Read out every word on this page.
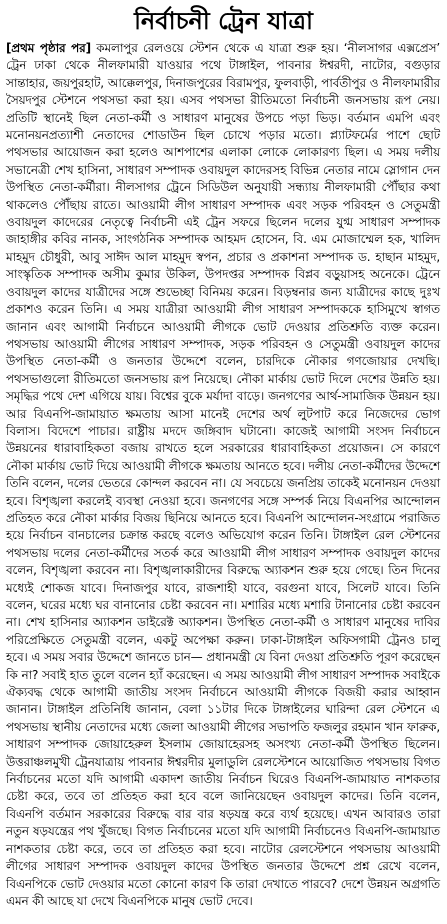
নির্বাচনী ট্রেন যাত্রা

[প্রথম পৃষ্ঠার পর] কমলাপুর রেলওয়ে স্টেশন থেকে এ যাত্রা শুরু হয়। ‘নীলসাগর এক্সপ্রেস’ ট্রেন ঢাকা থেকে নীলফামারী যাওয়ার পথে টাঙ্গাইল, পাবনার ঈশ্বরদী, নাটোর, বগুড়ার সান্তাহার, জয়পুরহাট, আক্কেলপুর, দিনাজপুরের বিরামপুর, ফুলবাড়ী, পার্বতীপুর ও নীলফামারীর সৈয়দপুর স্টেশনে পথসভা করা হয়। এসব পথসভা রীতিমতো নির্বাচনী জনসভায় রূপ নেয়। প্রতিটি স্থানেই ছিল নেতা-কর্মী ও সাধারণ মানুষের উপচে পড়া ভিড়। বর্তমান এমপি এবং মনোনয়নপ্রত্যাশী নেতাদের শোডাউন ছিল চোখে পড়ার মতো। প্ল্যাটফর্মের পাশে ছোট পথসভার আয়োজন করা হলেও আশপাশের এলাকা লোকে লোকারণ্য ছিল। এ সময় দলীয় সভানেত্রী শেখ হাসিনা, সাধারণ সম্পাদক ওবায়দুল কাদেরসহ বিভিন্ন নেতার নামে স্লোগান দেন উপস্থিত নেতা-কর্মীরা। নীলসাগর ট্রেনে সিডিউল অনুযায়ী সন্ধ্যায় নীলফামারী পৌঁছার কথা থাকলেও পৌঁছায় রাতে। আওয়ামী লীগ সাধারণ সম্পাদক এবং সড়ক পরিবহন ও সেতুমন্ত্রী ওবায়দুল কাদেরের নেতৃত্বে নির্বাচনী এই ট্রেন সফরে ছিলেন দলের যুগ্ম সাধারণ সম্পাদক জাহাঙ্গীর কবির নানক, সাংগঠনিক সম্পাদক আহমদ হোসেন, বি. এম মোজাম্মেল হক, খালিদ মাহমুদ চৌধুরী, আবু সাঈদ আল মাহমুদ স্বপন, প্রচার ও প্রকাশনা সম্পাদক ড. হাছান মাহমুদ, সাংস্কৃতিক সম্পাদক অসীম কুমার উকিল, উপদপ্তর সম্পাদক বিপ্লব বড়ুয়াসহ অনেকে। ট্রেনে ওবায়দুল কাদের যাত্রীদের সঙ্গে শুভেচ্ছা বিনিময় করেন। বিড়ম্বনার জন্য যাত্রীদের কাছে দুঃখ প্রকাশও করেন তিনি। এ সময় যাত্রীরা আওয়ামী লীগ সাধারণ সম্পাদককে হাসিমুখে স্বাগত জানান এবং আগামী নির্বাচনে আওয়ামী লীগকে ভোট দেওয়ার প্রতিশ্রুতি ব্যক্ত করেন। পথসভায় আওয়ামী লীগের সাধারণ সম্পাদক, সড়ক পরিবহন ও সেতুমন্ত্রী ওবায়দুল কাদের উপস্থিত নেতা-কর্মী ও জনতার উদ্দেশে বলেন, চারদিকে নৌকার গণজোয়ার দেখছি। পথসভাগুলো রীতিমতো জনসভায় রূপ নিয়েছে। নৌকা মার্কায় ভোট দিলে দেশের উন্নতি হয়। সমৃদ্ধির পথে দেশ এগিয়ে যায়। বিশ্বের বুকে মর্যাদা বাড়ে। জনগণের আর্থ-সামাজিক উন্নয়ন হয়। আর বিএনপি-জামায়াত ক্ষমতায় আসা মানেই দেশের অর্থ লুটপাট করে নিজেদের ভোগ বিলাস। বিদেশে পাচার। রাষ্ট্রীয় মদদে জঙ্গিবাদ ঘটানো। কাজেই আগামী সংসদ নির্বাচনে উন্নয়নের ধারাবাহিকতা বজায় রাখতে হলে সরকারের ধারাবাহিকতা প্রয়োজন। সে কারণে নৌকা মার্কায় ভোট দিয়ে আওয়ামী লীগকে ক্ষমতায় আনতে হবে। দলীয় নেতা-কর্মীদের উদ্দেশে তিনি বলেন, দলের ভেতরে কোন্দল করবেন না। যে সবচেয়ে জনপ্রিয় তাকেই মনোনয়ন দেওয়া হবে। বিশৃঙ্খলা করলেই ব্যবস্থা নেওয়া হবে। জনগণের সঙ্গে সম্পর্ক নিয়ে বিএনপির আন্দোলন প্রতিহত করে নৌকা মার্কার বিজয় ছিনিয়ে আনতে হবে। বিএনপি আন্দোলন-সংগ্রামে পরাজিত হয়ে নির্বাচন বানচালের চক্রান্ত করছে বলেও অভিযোগ করেন তিনি। টাঙ্গাইল রেল স্টেশনের পথসভায় দলের নেতা-কর্মীদের সতর্ক করে আওয়ামী লীগ সাধারণ সম্পাদক ওবায়দুল কাদের বলেন, বিশৃঙ্খলা করবেন না। বিশৃঙ্খলাকারীদের বিরুদ্ধে অ্যাকশন শুরু হয়ে গেছে। তিন দিনের মধ্যেই শোকজ যাবে। দিনাজপুর যাবে, রাজশাহী যাবে, বরগুনা যাবে, সিলেট যাবে। তিনি বলেন, ঘরের মধ্যে ঘর বানানোর চেষ্টা করবেন না। মশারির মধ্যে মশারি টানানোর চেষ্টা করবেন না। শেখ হাসিনার অ্যাকশন ডাইরেক্ট অ্যাকশন। উপস্থিত নেতা-কর্মী ও সাধারণ মানুষের দাবির পরিপ্রেক্ষিতে সেতুমন্ত্রী বলেন, একটু অপেক্ষা করুন। ঢাকা-টাঙ্গাইল অফিসগামী ট্রেনও চালু হবে। এ সময় সবার উদ্দেশে জানতে চান— প্রধানমন্ত্রী যে বিনা দেওয়া প্রতিশ্রুতি পূরণ করেছেন কি না? সবাই হাত তুলে বলেন হ্যাঁ করেছেন। এ সময় আওয়ামী লীগ সাধারণ সম্পাদক সবাইকে ঐক্যবদ্ধ থেকে আগামী জাতীয় সংসদ নির্বাচনে আওয়ামী লীগকে বিজয়ী করার আহ্বান জানান। টাঙ্গাইল প্রতিনিধি জানান, বেলা ১১টার দিকে টাঙ্গাইলের ঘারিন্দা রেল স্টেশনে এ পথসভায় স্থানীয় নেতাদের মধ্যে জেলা আওয়ামী লীগের সভাপতি ফজলুর রহমান খান ফারুক, সাধারণ সম্পাদক জোয়াহেরুল ইসলাম জোয়াহেরসহ অসংখ্য নেতা-কর্মী উপস্থিত ছিলেন। উত্তরাঞ্চলমুখী ট্রেনযাত্রায় পাবনার ঈশ্বরদীর মুলাডুলি রেলস্টেশনে আয়োজিত পথসভায় বিগত নির্বাচনের মতো যদি আগামী একাদশ জাতীয় নির্বাচন ঘিরেও বিএনপি-জামায়াত নাশকতার চেষ্টা করে, তবে তা প্রতিহত করা হবে বলে জানিয়েছেন ওবায়দুল কাদের। তিনি বলেন, বিএনপি বর্তমান সরকারের বিরুদ্ধে বার বার ষড়যন্ত্র করে ব্যর্থ হয়েছে। এখন আবারও তারা নতুন ষড়যন্ত্রের পথ খুঁজছে। বিগত নির্বাচনের মতো যদি আগামী নির্বাচনেও বিএনপি-জামায়াত নাশকতার চেষ্টা করে, তবে তা প্রতিহত করা হবে। নাটোর রেলস্টেশনে পথসভায় আওয়ামী লীগের সাধারণ সম্পাদক ওবায়দুল কাদের উপস্থিত জনতার উদ্দেশে প্রশ্ন রেখে বলেন, বিএনপিকে ভোট দেওয়ার মতো কোনো কারণ কি তারা দেখাতে পারবে? দেশে উন্নয়ন অগ্রগতি এমন কী আছে যা দেখে বিএনপিকে মানুষ ভোট দেবে।
